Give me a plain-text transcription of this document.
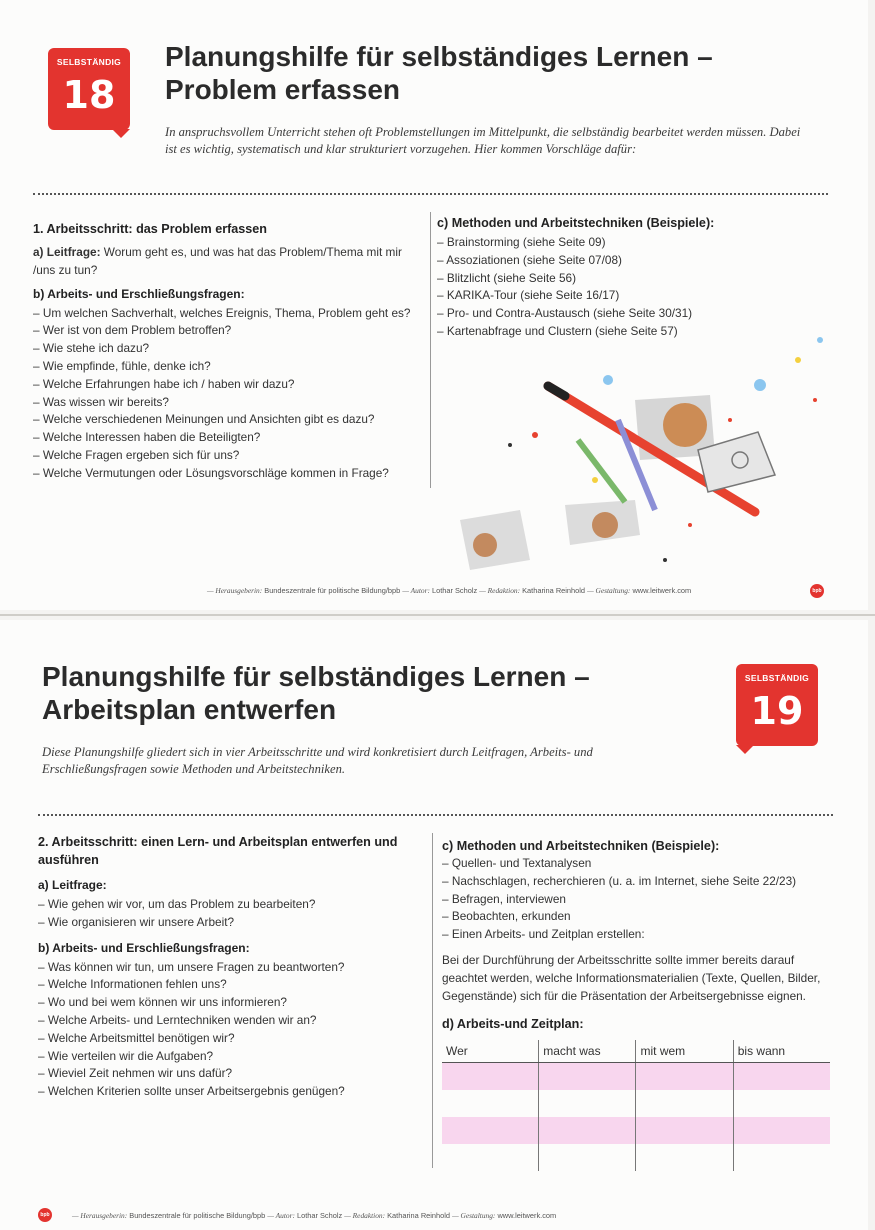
SELBSTÄNDIG
18
Planungshilfe für selbständiges Lernen –
Problem erfassen

In anspruchsvollem Unterricht stehen oft Problemstellungen im Mittelpunkt, die selbständig bearbeitet werden müssen. Dabei ist es wichtig, systematisch und klar strukturiert vorzugehen. Hier kommen Vorschläge dafür:

1. Arbeitsschritt: das Problem erfassen

a) Leitfrage: Worum geht es, und was hat das Problem/Thema mit mir /uns zu tun?

b) Arbeits- und Erschließungsfragen:
– Um welchen Sachverhalt, welches Ereignis, Thema, Problem geht es?
– Wer ist von dem Problem betroffen?
– Wie stehe ich dazu?
– Wie empfinde, fühle, denke ich?
– Welche Erfahrungen habe ich / haben wir dazu?
– Was wissen wir bereits?
– Welche verschiedenen Meinungen und Ansichten gibt es dazu?
– Welche Interessen haben die Beteiligten?
– Welche Fragen ergeben sich für uns?
– Welche Vermutungen oder Lösungsvorschläge kommen in Frage?
c) Methoden und Arbeitstechniken (Beispiele):
– Brainstorming (siehe Seite 09)
– Assoziationen (siehe Seite 07/08)
– Blitzlicht (siehe Seite 56)
– KARIKA-Tour (siehe Seite 16/17)
– Pro- und Contra-Austausch (siehe Seite 30/31)
– Kartenabfrage und Clustern (siehe Seite 57)
— Herausgeberin: Bundeszentrale für politische Bildung/bpb — Autor: Lothar Scholz — Redaktion: Katharina Reinhold — Gestaltung: www.leitwerk.com	bpb
SELBSTÄNDIG
19
Planungshilfe für selbständiges Lernen –
Arbeitsplan entwerfen

Diese Planungshilfe gliedert sich in vier Arbeitsschritte und wird konkretisiert durch Leitfragen, Arbeits- und Erschließungsfragen sowie Methoden und Arbeitstechniken.

2. Arbeitsschritt: einen Lern- und Arbeitsplan entwerfen und ausführen
a) Leitfrage:
– Wie gehen wir vor, um das Problem zu bearbeiten?
– Wie organisieren wir unsere Arbeit?
b) Arbeits- und Erschließungsfragen:
– Was können wir tun, um unsere Fragen zu beantworten?
– Welche Informationen fehlen uns?
– Wo und bei wem können wir uns informieren?
– Welche Arbeits- und Lerntechniken wenden wir an?
– Welche Arbeitsmittel benötigen wir?
– Wie verteilen wir die Aufgaben?
– Wieviel Zeit nehmen wir uns dafür?
– Welchen Kriterien sollte unser Arbeitsergebnis genügen?
c) Methoden und Arbeitstechniken (Beispiele):
– Quellen- und Textanalysen
– Nachschlagen, recherchieren (u. a. im Internet, siehe Seite 22/23)
– Befragen, interviewen
– Beobachten, erkunden
– Einen Arbeits- und Zeitplan erstellen:

Bei der Durchführung der Arbeitsschritte sollte immer bereits darauf geachtet werden, welche Informationsmaterialien (Texte, Quellen, Bilder, Gegenstände) sich für die Präsentation der Arbeitsergebnisse eignen.

d) Arbeits-und Zeitplan:
Wer	macht was	mit wem	bis wann

bpb	— Herausgeberin: Bundeszentrale für politische Bildung/bpb — Autor: Lothar Scholz — Redaktion: Katharina Reinhold — Gestaltung: www.leitwerk.com
